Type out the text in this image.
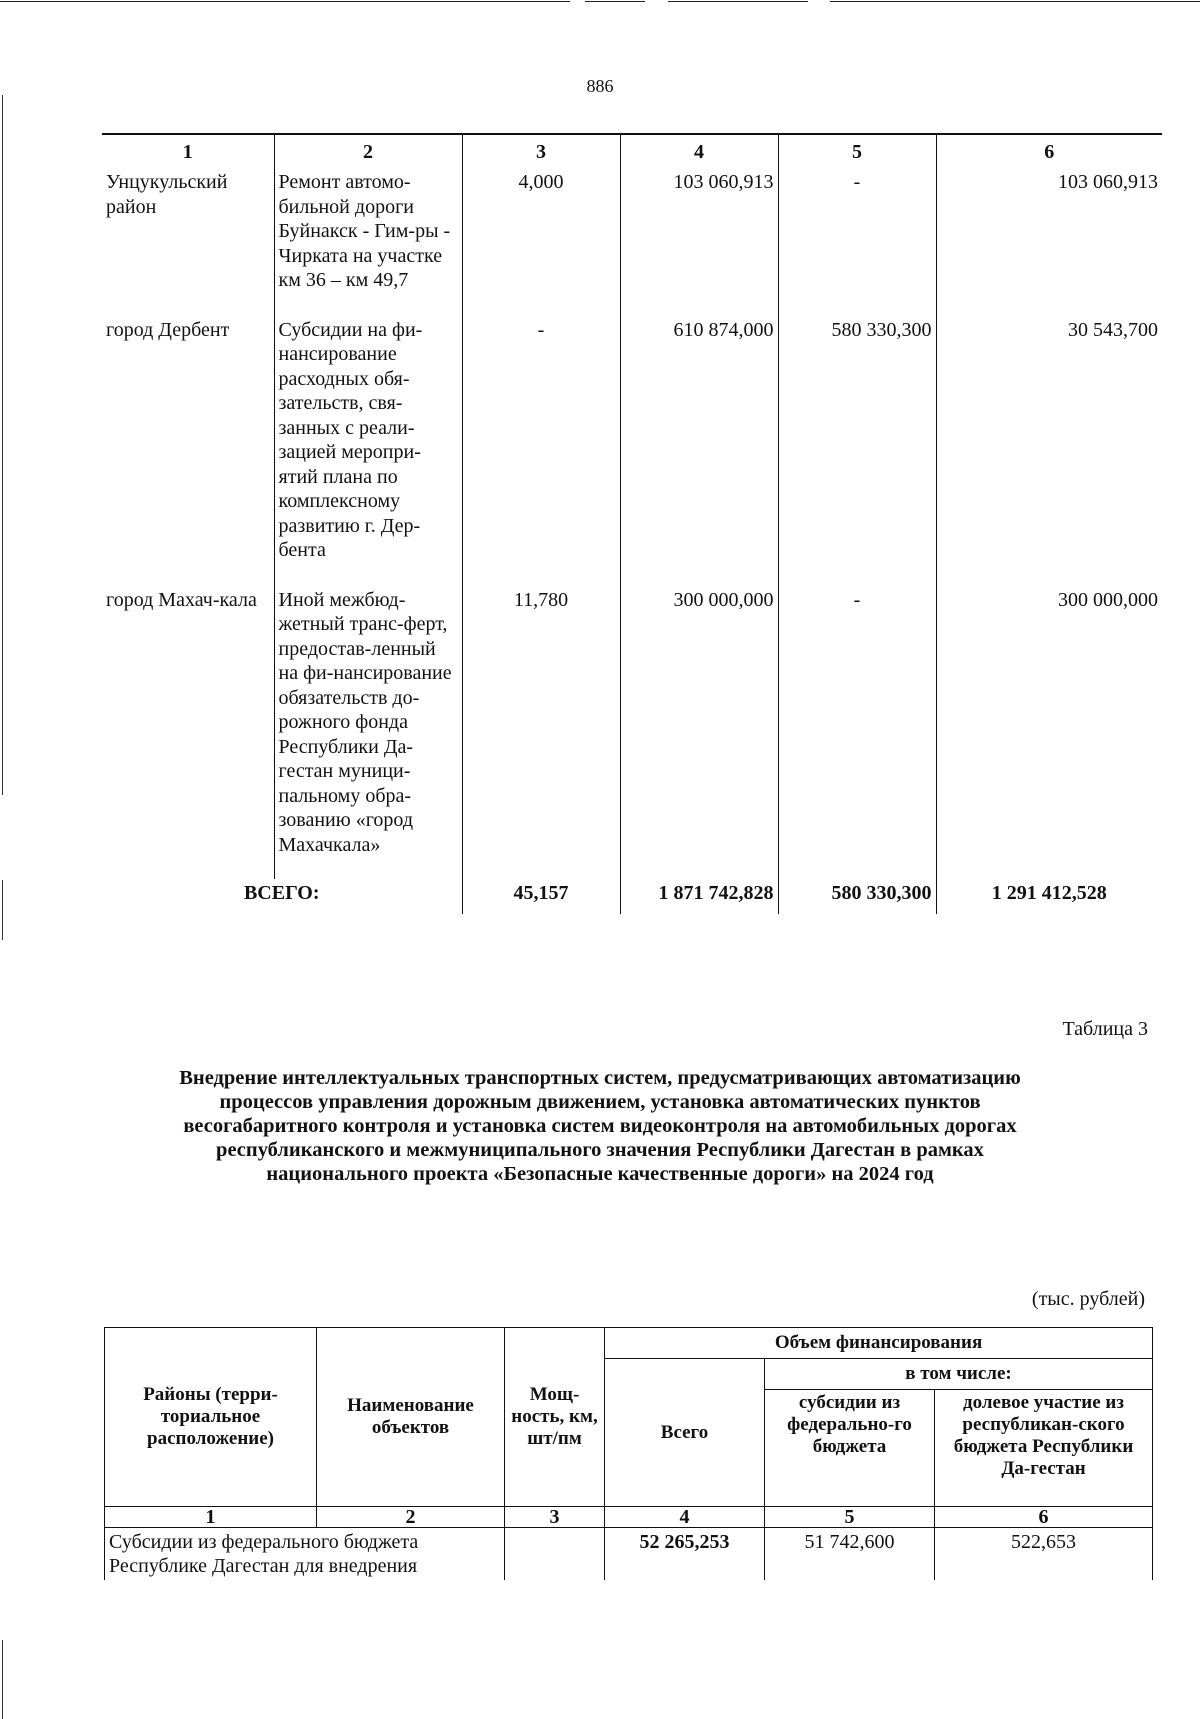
886
1	2	3	4	5	6
Унцукульский район	Ремонт автомо-бильной дороги Буйнакск - Гим-ры - Чирката на участке км 36 – км 49,7	4,000	103 060,913	-	103 060,913
город Дербент	Субсидии на фи-нансирование расходных обя-зательств, свя-занных с реали-зацией меропри-ятий плана по комплексному развитию г. Дер-бента	-	610 874,000	580 330,300	30 543,700
город Махач-кала	Иной межбюд-жетный транс-ферт, предостав-ленный на фи-нансирование обязательств до-рожного фонда Республики Да-гестан муници-пальному обра-зованию «город Махачкала»	11,780	300 000,000	-	300 000,000
ВСЕГО:		45,157	1 871 742,828	580 330,300	1 291 412,528
Таблица 3
Внедрение интеллектуальных транспортных систем, предусматривающих автоматизацию процессов управления дорожным движением, установка автоматических пунктов весогабаритного контроля и установка систем видеоконтроля на автомобильных дорогах республиканского и межмуниципального значения Республики Дагестан в рамках национального проекта «Безопасные качественные дороги» на 2024 год
(тыс. рублей)
Районы (терри-ториальное расположение)	Наименование объектов	Мощ-ность, км, шт/пм	Объем финансирования		
			Всего	в том числе:	
				субсидии из федерально-го бюджета	долевое участие из республикан-ского бюджета Республики Да-гестан
1	2	3	4	5	6
Субсидии из федерального бюджета Республике Дагестан для внедрения			52 265,253	51 742,600	522,653
